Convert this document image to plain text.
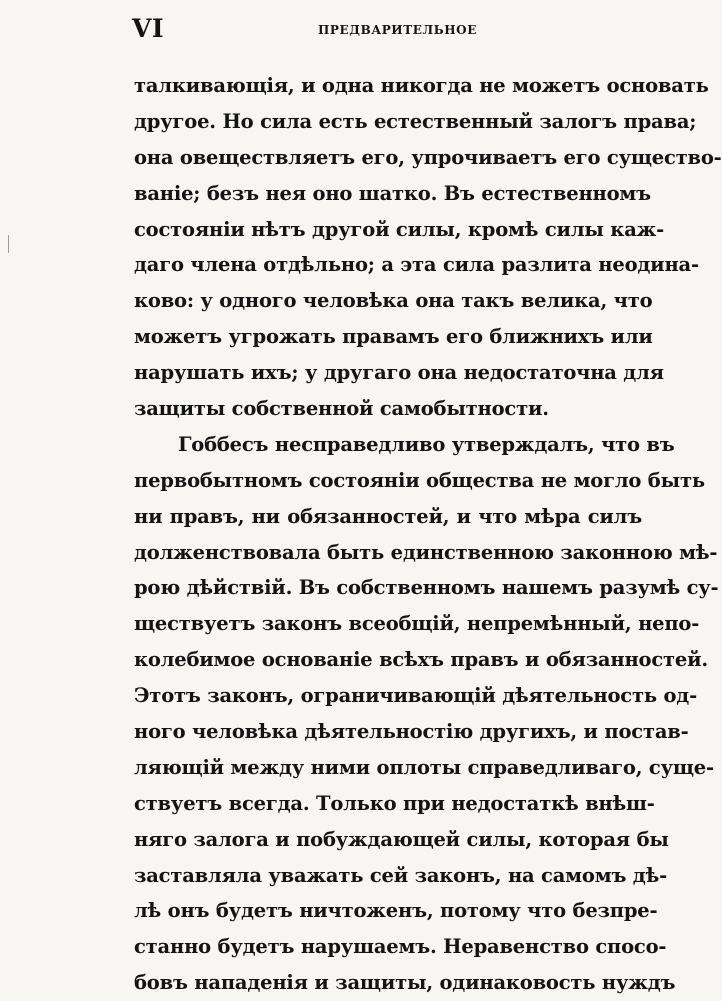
VI	ПРЕДВАРИТЕЛЬНОЕ
талкивающія, и одна никогда не можетъ основать
другое. Но сила есть естественный залогъ права;
она овеществляетъ его, упрочиваетъ его существо-
ваніе; безъ нея оно шатко. Въ естественномъ
состояніи нѣтъ другой силы, кромѣ силы каж-
даго члена отдѣльно; а эта сила разлита неодина-
ково: у одного человѣка она такъ велика, что
можетъ угрожать правамъ его ближнихъ или
нарушать ихъ; у другаго она недостаточна для
защиты собственной самобытности.
Гоббесъ несправедливо утверждалъ, что въ
первобытномъ состояніи общества не могло быть
ни правъ, ни обязанностей, и что мѣра силъ
долженствовала быть единственною законною мѣ-
рою дѣйствій. Въ собственномъ нашемъ разумѣ су-
ществуетъ законъ всеобщій, непремѣнный, непо-
колебимое основаніе всѣхъ правъ и обязанностей.
Этотъ законъ, ограничивающій дѣятельность од-
ного человѣка дѣятельностію другихъ, и постав-
ляющій между ними оплоты справедливаго, суще-
ствуетъ всегда. Только при недостаткѣ внѣш-
няго залога и побуждающей силы, которая бы
заставляла уважать сей законъ, на самомъ дѣ-
лѣ онъ будетъ ничтоженъ, потому что безпре-
станно будетъ нарушаемъ. Неравенство спосо-
бовъ нападенія и защиты, одинаковость нуждъ
